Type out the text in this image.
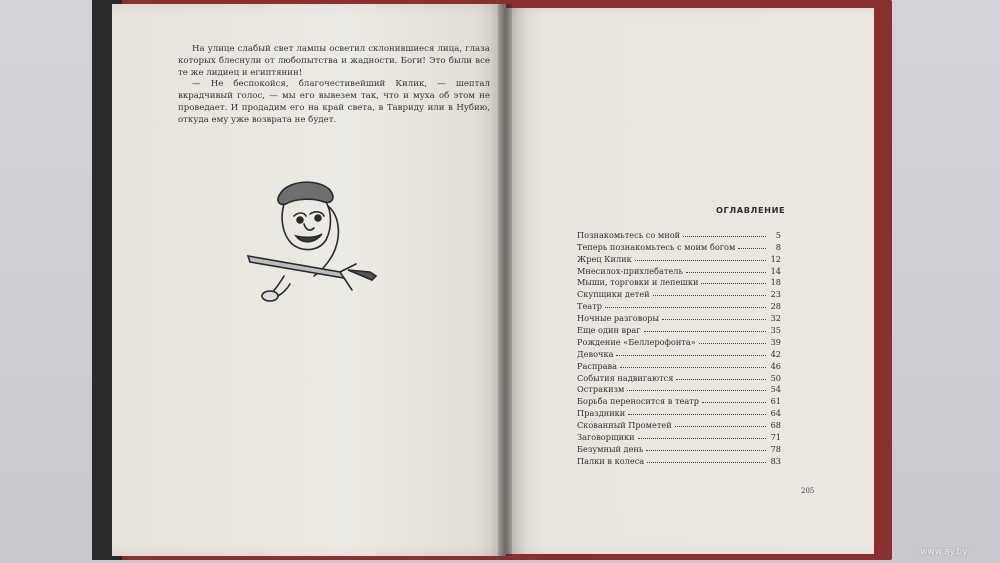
На улице слабый свет лампы осветил склонившиеся лица, глаза которых блеснули от любопытства и жадности. Боги! Это были все те же лидиец и египтянин!

— Не беспокойся, благочестивейший Килик, — шептал вкрадчивый голос, — мы его вывезем так, что и муха об этом не проведает. И продадим его на край света, в Тавриду или в Нубию, откуда ему уже возврата не будет.

ОГЛАВЛЕНИЕ
Познакомьтесь со мной	5
Теперь познакомьтесь с моим богом	8
Жрец Килик	12
Мнесилох-прихлебатель	14
Мыши, торговки и лепешки	18
Скупщики детей	23
Театр	28
Ночные разговоры	32
Еще один враг	35
Рождение «Беллерофонта»	39
Девочка	42
Расправа	46
События надвигаются	50
Остракизм	54
Борьба переносится в театр	61
Праздники	64
Скованный Прометей	68
Заговорщики	71
Безумный день	78
Палки в колеса	83
205
www.ay.by
